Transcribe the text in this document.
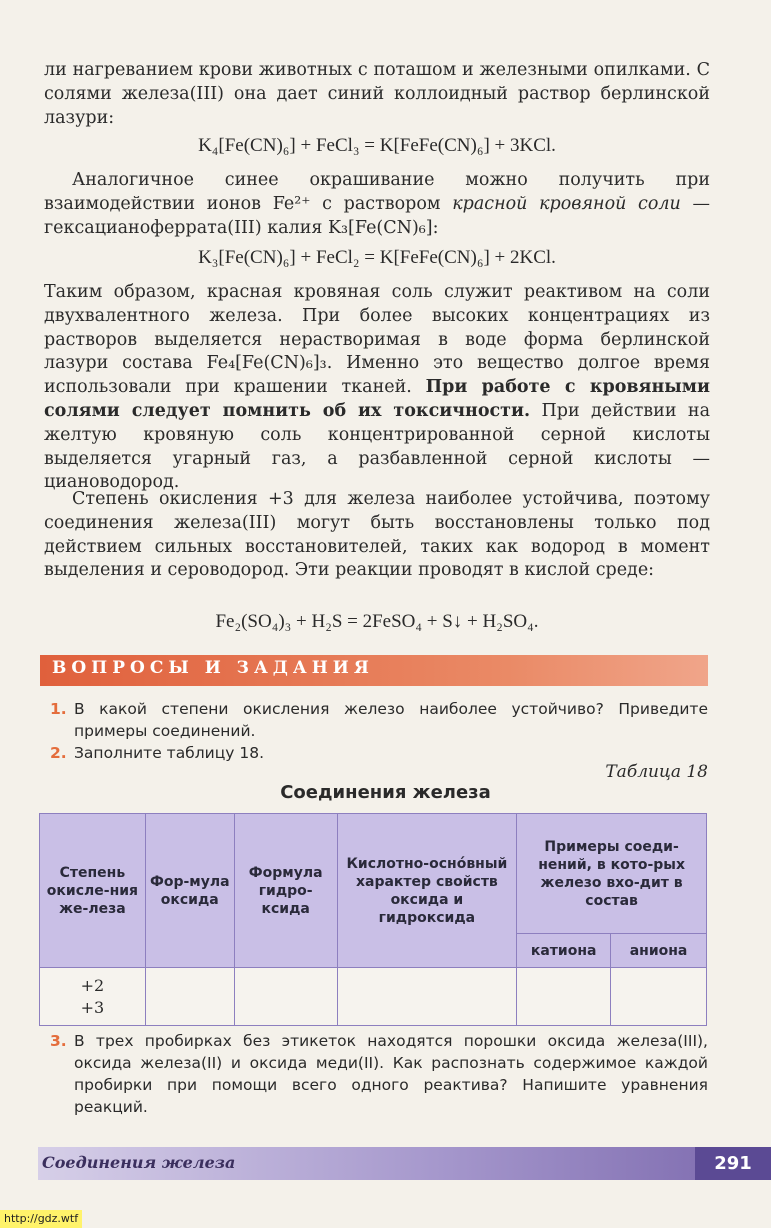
ли нагреванием крови животных с поташом и железными опилками. С солями железа(III) она дает синий коллоидный раствор берлинской лазури:

K₄[Fe(CN)₆] + FeCl₃ = K[FeFe(CN)₆] + 3KCl.

Аналогичное синее окрашивание можно получить при взаимодействии ионов Fe²⁺ с раствором красной кровяной соли — гексацианоферрата(III) калия K₃[Fe(CN)₆]:

K₃[Fe(CN)₆] + FeCl₂ = K[FeFe(CN)₆] + 2KCl.

Таким образом, красная кровяная соль служит реактивом на соли двухвалентного железа. При более высоких концентрациях из растворов выделяется нерастворимая в воде форма берлинской лазури состава Fe₄[Fe(CN)₆]₃. Именно это вещество долгое время использовали при крашении тканей. При работе с кровяными солями следует помнить об их токсичности. При действии на желтую кровяную соль концентрированной серной кислоты выделяется угарный газ, а разбавленной серной кислоты — циановодород.

Степень окисления +3 для железа наиболее устойчива, поэтому соединения железа(III) могут быть восстановлены только под действием сильных восстановителей, таких как водород в момент выделения и сероводород. Эти реакции проводят в кислой среде:

Fe₂(SO₄)₃ + H₂S = 2FeSO₄ + S↓ + H₂SO₄.
ВОПРОСЫ И ЗАДАНИЯ
1. В какой степени окисления железо наиболее устойчиво? Приведите примеры соединений.
2. Заполните таблицу 18.
Таблица 18
Соединения железа
Степень окисле-ния же-леза	Фор-мула оксида	Формула гидро-ксида	Кислотно-оснóвный характер свойств оксида и гидроксида	Примеры соеди-нений, в кото-рых железо вхо-дит в состав	
				катиона	аниона

+2
+3					

3. В трех пробирках без этикеток находятся порошки оксида железа(III), оксида железа(II) и оксида меди(II). Как распознать содержимое каждой пробирки при помощи всего одного реактива? Напишите уравнения реакций.
Соединения железа	291
http://gdz.wtf
